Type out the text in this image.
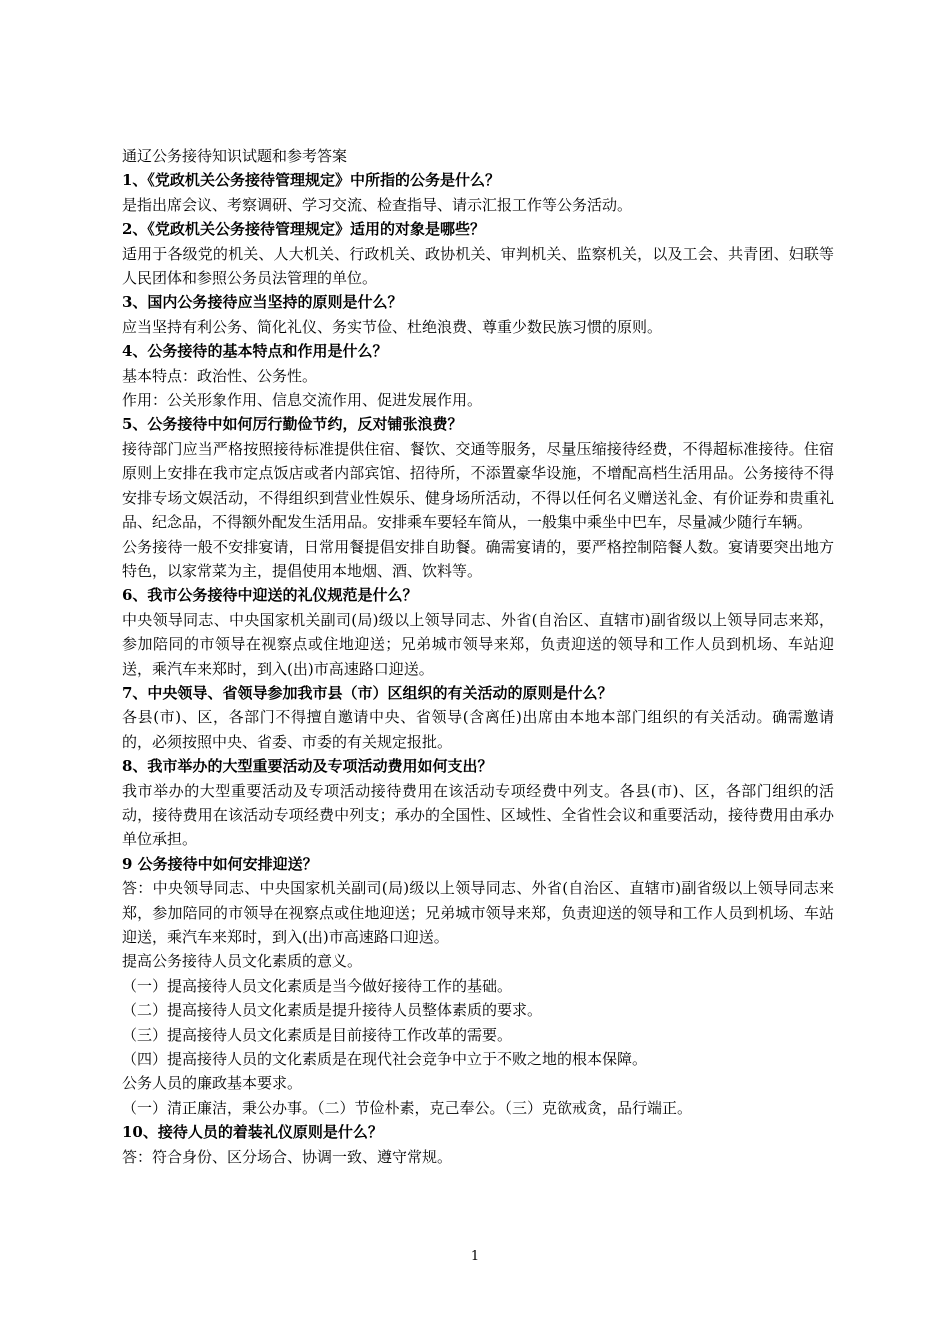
通辽公务接待知识试题和参考答案
1、《党政机关公务接待管理规定》中所指的公务是什么？
是指出席会议、考察调研、学习交流、检查指导、请示汇报工作等公务活动。
2、《党政机关公务接待管理规定》适用的对象是哪些？
适用于各级党的机关、人大机关、行政机关、政协机关、审判机关、监察机关，以及工会、共青团、妇联等人民团体和参照公务员法管理的单位。
3、国内公务接待应当坚持的原则是什么？
应当坚持有利公务、简化礼仪、务实节俭、杜绝浪费、尊重少数民族习惯的原则。
4、公务接待的基本特点和作用是什么？
基本特点：政治性、公务性。
作用：公关形象作用、信息交流作用、促进发展作用。
5、公务接待中如何厉行勤俭节约，反对铺张浪费？
接待部门应当严格按照接待标准提供住宿、餐饮、交通等服务，尽量压缩接待经费，不得超标准接待。住宿原则上安排在我市定点饭店或者内部宾馆、招待所，不添置豪华设施，不增配高档生活用品。公务接待不得安排专场文娱活动，不得组织到营业性娱乐、健身场所活动，不得以任何名义赠送礼金、有价证券和贵重礼品、纪念品，不得额外配发生活用品。安排乘车要轻车简从，一般集中乘坐中巴车，尽量减少随行车辆。
公务接待一般不安排宴请，日常用餐提倡安排自助餐。确需宴请的，要严格控制陪餐人数。宴请要突出地方特色，以家常菜为主，提倡使用本地烟、酒、饮料等。
6、我市公务接待中迎送的礼仪规范是什么？
中央领导同志、中央国家机关副司(局)级以上领导同志、外省(自治区、直辖市)副省级以上领导同志来郑，参加陪同的市领导在视察点或住地迎送；兄弟城市领导来郑，负责迎送的领导和工作人员到机场、车站迎送，乘汽车来郑时，到入(出)市高速路口迎送。
7、中央领导、省领导参加我市县（市）区组织的有关活动的原则是什么？
各县(市)、区，各部门不得擅自邀请中央、省领导(含离任)出席由本地本部门组织的有关活动。确需邀请的，必须按照中央、省委、市委的有关规定报批。
8、我市举办的大型重要活动及专项活动费用如何支出？
我市举办的大型重要活动及专项活动接待费用在该活动专项经费中列支。各县(市)、区，各部门组织的活动，接待费用在该活动专项经费中列支；承办的全国性、区域性、全省性会议和重要活动，接待费用由承办单位承担。
9 公务接待中如何安排迎送？
答：中央领导同志、中央国家机关副司(局)级以上领导同志、外省(自治区、直辖市)副省级以上领导同志来郑，参加陪同的市领导在视察点或住地迎送；兄弟城市领导来郑，负责迎送的领导和工作人员到机场、车站迎送，乘汽车来郑时，到入(出)市高速路口迎送。
提高公务接待人员文化素质的意义。
（一）提高接待人员文化素质是当今做好接待工作的基础。
（二）提高接待人员文化素质是提升接待人员整体素质的要求。
（三）提高接待人员文化素质是目前接待工作改革的需要。
（四）提高接待人员的文化素质是在现代社会竞争中立于不败之地的根本保障。
公务人员的廉政基本要求。
（一）清正廉洁，秉公办事。（二）节俭朴素，克己奉公。（三）克欲戒贪，品行端正。
10、接待人员的着装礼仪原则是什么？
答：符合身份、区分场合、协调一致、遵守常规。
1
